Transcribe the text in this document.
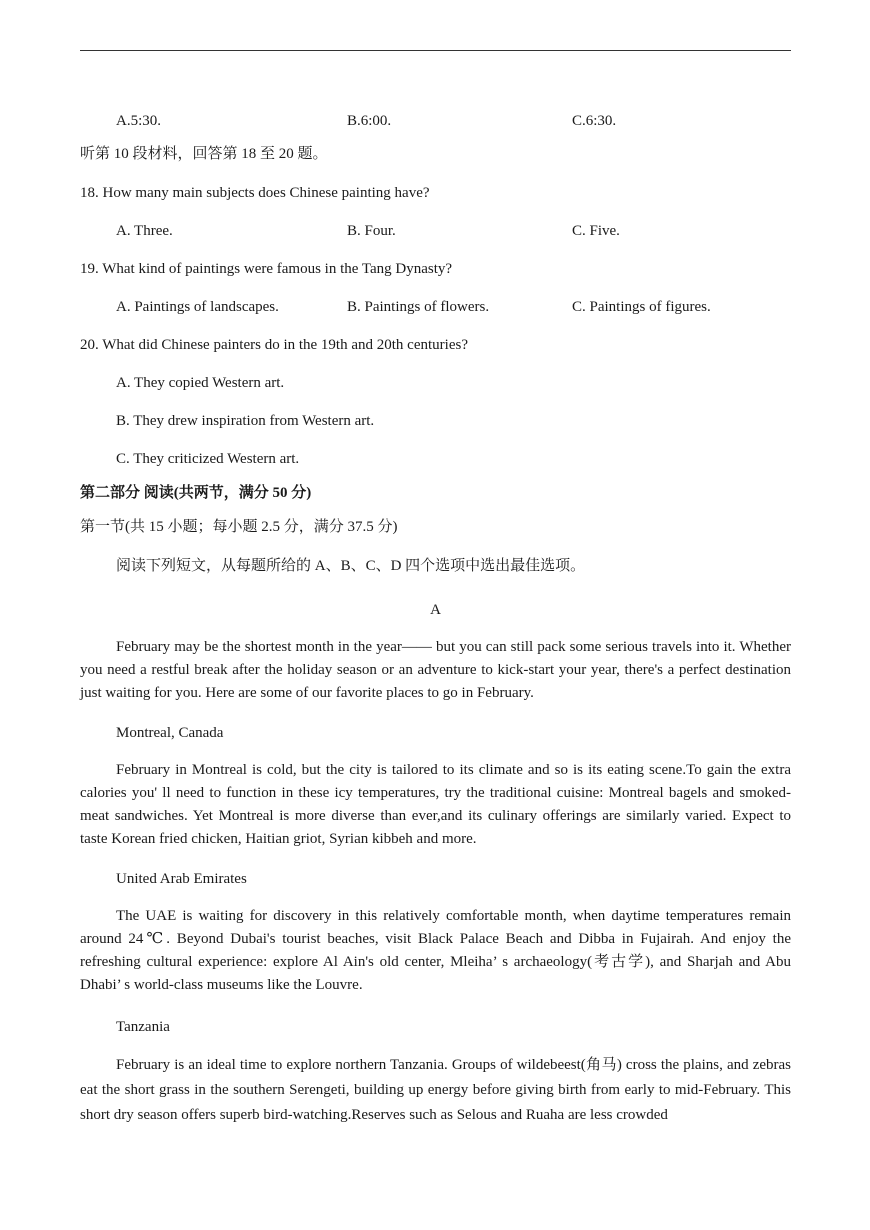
A.5:30.	B.6:00.	C.6:30.
听第 10 段材料，回答第 18 至 20 题。
18. How many main subjects does Chinese painting have?
A. Three.	B. Four.	C. Five.
19. What kind of paintings were famous in the Tang Dynasty?
A. Paintings of landscapes.	B. Paintings of flowers.	C. Paintings of figures.
20. What did Chinese painters do in the 19th and 20th centuries?
A. They copied Western art.
B. They drew inspiration from Western art.
C. They criticized Western art.
第二部分 阅读(共两节，满分 50 分)
第一节(共 15 小题；每小题 2.5 分，满分 37.5 分)
阅读下列短文，从每题所给的 A、B、C、D 四个选项中选出最佳选项。
A
February may be the shortest month in the year—— but you can still pack some serious travels into it. Whether you need a restful break after the holiday season or an adventure to kick-start your year, there's a perfect destination just waiting for you. Here are some of our favorite places to go in February.
Montreal, Canada
February in Montreal is cold, but the city is tailored to its climate and so is its eating scene.To gain the extra calories you' ll need to function in these icy temperatures, try the traditional cuisine: Montreal bagels and smoked-meat sandwiches. Yet Montreal is more diverse than ever,and its culinary offerings are similarly varied. Expect to taste Korean fried chicken, Haitian griot, Syrian kibbeh and more.
United Arab Emirates
The UAE is waiting for discovery in this relatively comfortable month, when daytime temperatures remain around 24℃. Beyond Dubai's tourist beaches, visit Black Palace Beach and Dibba in Fujairah. And enjoy the refreshing cultural experience: explore Al Ain's old center, Mleiha’ s archaeology(考古学), and Sharjah and Abu Dhabi’ s world-class museums like the Louvre.
Tanzania
February is an ideal time to explore northern Tanzania. Groups of wildebeest(角马) cross the plains, and zebras eat the short grass in the southern Serengeti, building up energy before giving birth from early to mid-February. This short dry season offers superb bird-watching.Reserves such as Selous and Ruaha are less crowded
